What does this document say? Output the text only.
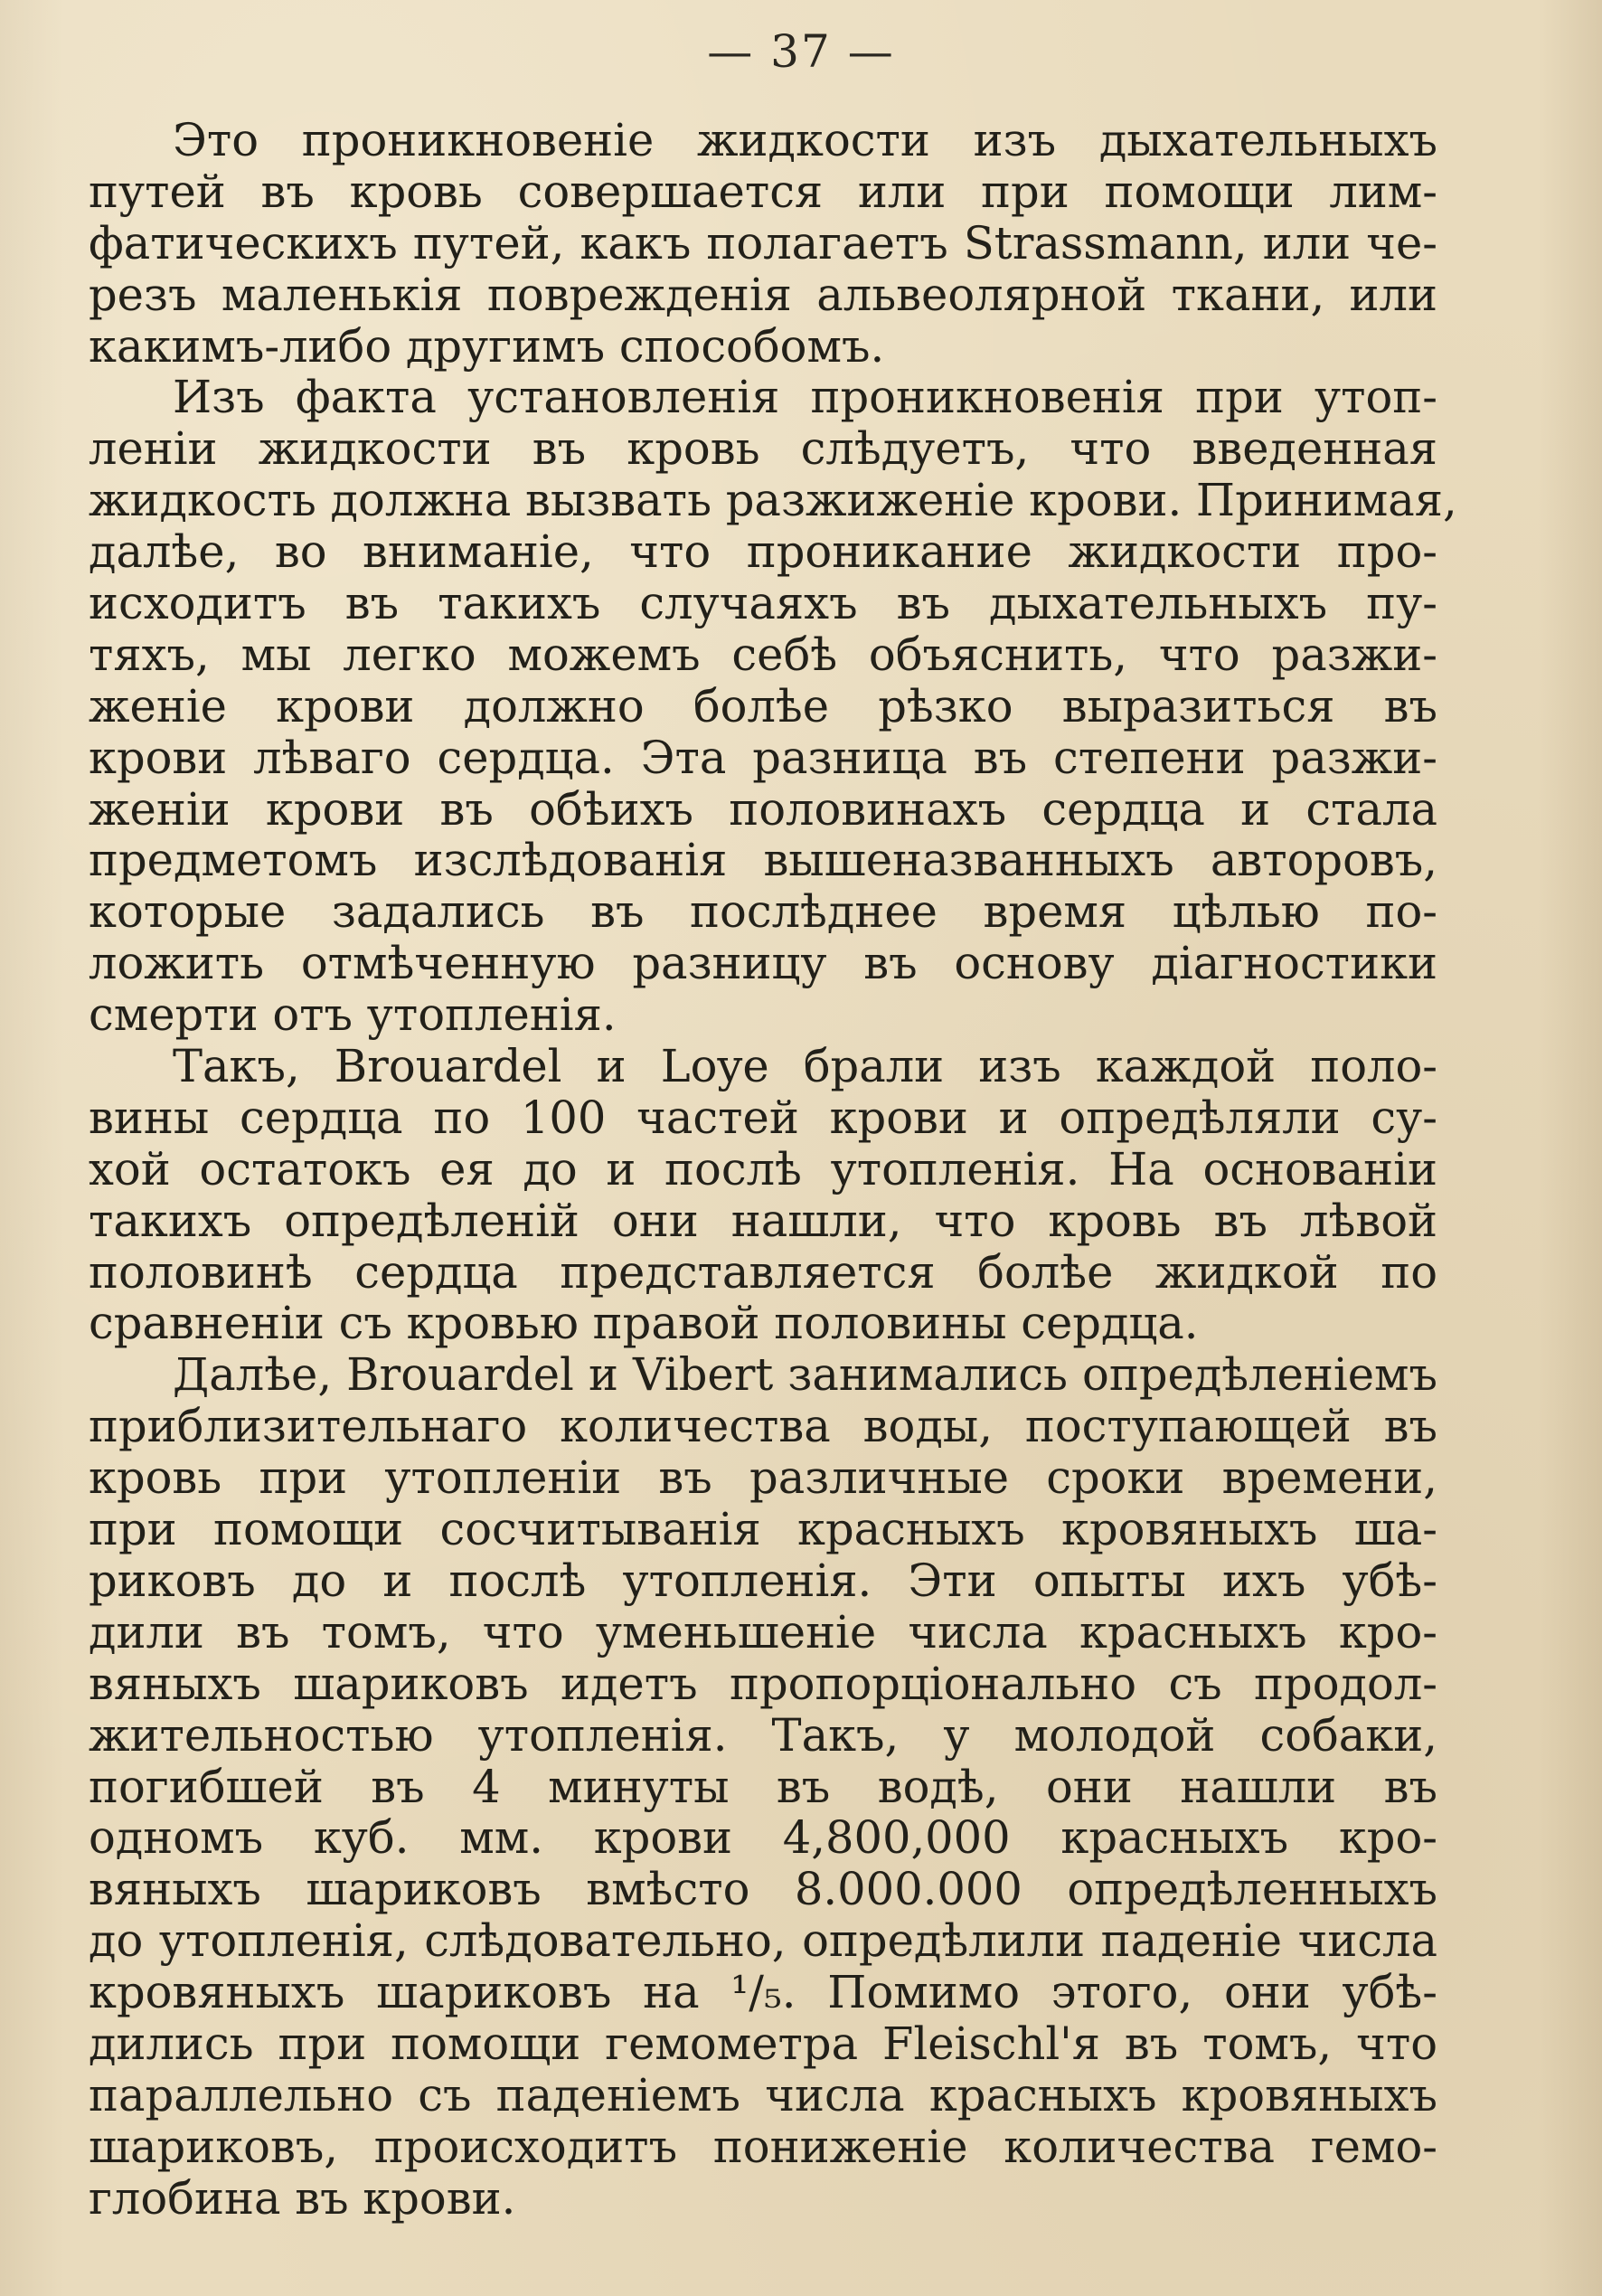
— 37 —
Это проникновенiе жидкости изъ дыхательныхъ
путей въ кровь совершается или при помощи лим-
фатическихъ путей, какъ полагаетъ Strassmann, или че-
резъ маленькiя поврежденiя альвеолярной ткани, или
какимъ-либо другимъ способомъ.
Изъ факта установленiя проникновенiя при утоп-
ленiи жидкости въ кровь слѣдуетъ, что введенная
жидкость должна вызвать разжиженiе крови. Принимая,
далѣе, во вниманiе, что проникание жидкости про-
исходитъ въ такихъ случаяхъ въ дыхательныхъ пу-
тяхъ, мы легко можемъ себѣ объяснить, что разжи-
женiе крови должно болѣе рѣзко выразиться въ
крови лѣваго сердца. Эта разница въ степени разжи-
женiи крови въ обѣихъ половинахъ сердца и стала
предметомъ изслѣдованiя вышеназванныхъ авторовъ,
которые задались въ послѣднее время цѣлью по-
ложить отмѣченную разницу въ основу дiагностики
смерти отъ утопленiя.
Такъ, Brouardel и Loye брали изъ каждой поло-
вины сердца по 100 частей крови и опредѣляли су-
хой остатокъ ея до и послѣ утопленiя. На основанiи
такихъ опредѣленiй они нашли, что кровь въ лѣвой
половинѣ сердца представляется болѣе жидкой по
сравненiи съ кровью правой половины сердца.
Далѣе, Brouardel и Vibert занимались опредѣленiемъ
приблизительнаго количества воды, поступающей въ
кровь при утопленiи въ различные сроки времени,
при помощи сосчитыванiя красныхъ кровяныхъ ша-
риковъ до и послѣ утопленiя. Эти опыты ихъ убѣ-
дили въ томъ, что уменьшенiе числа красныхъ кро-
вяныхъ шариковъ идетъ пропорцiонально съ продол-
жительностью утопленiя. Такъ, у молодой собаки,
погибшей въ 4 минуты въ водѣ, они нашли въ
одномъ куб. мм. крови 4,800,000 красныхъ кро-
вяныхъ шариковъ вмѣсто 8.000.000 опредѣленныхъ
до утопленiя, слѣдовательно, опредѣлили паденiе числа
кровяныхъ шариковъ на ¹/₅. Помимо этого, они убѣ-
дились при помощи гемометра Fleischl'я въ томъ, что
параллельно съ паденiемъ числа красныхъ кровяныхъ
шариковъ, происходитъ пониженiе количества гемо-
глобина въ крови.
